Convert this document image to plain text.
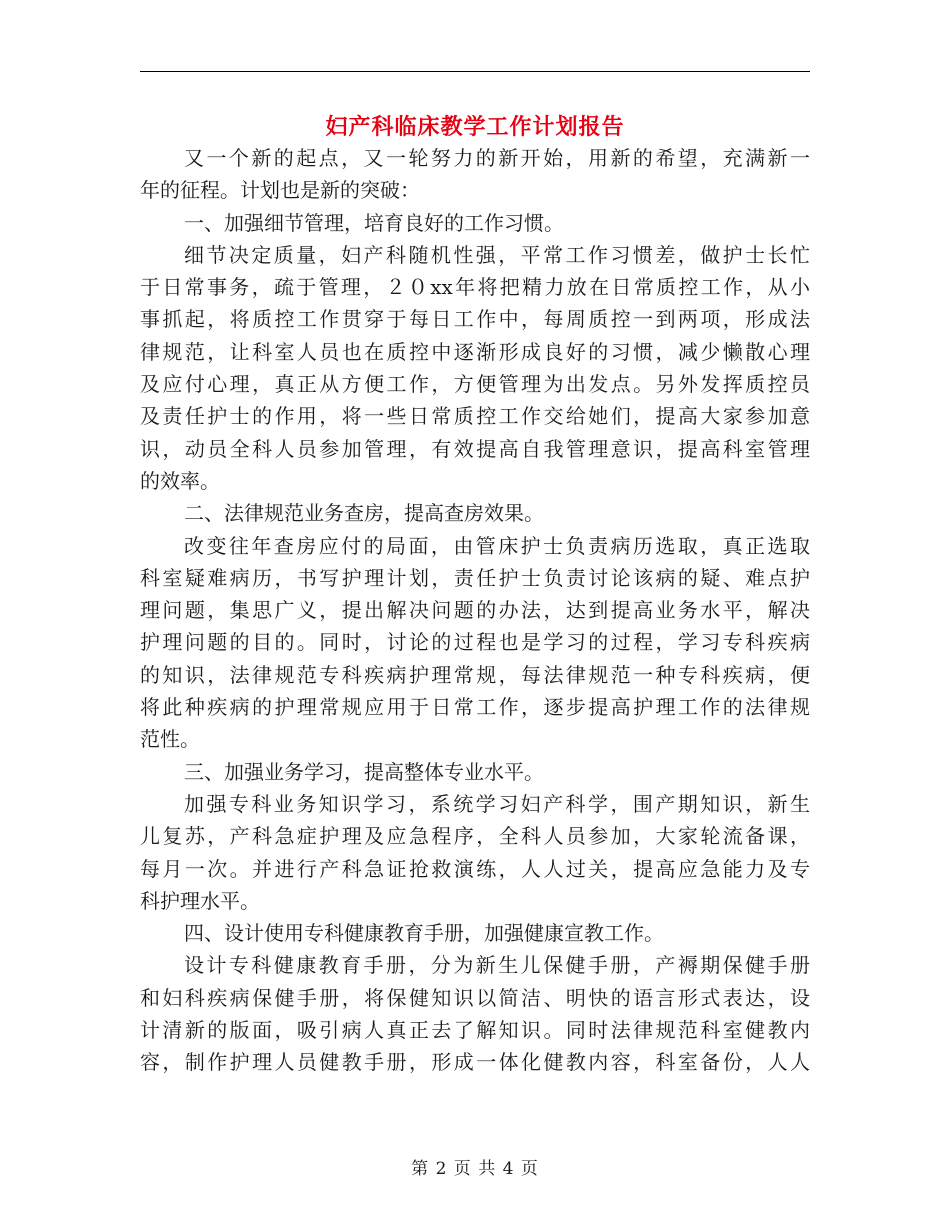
妇产科临床教学工作计划报告
又一个新的起点，又一轮努力的新开始，用新的希望，充满新一
年的征程。计划也是新的突破：
一、加强细节管理，培育良好的工作习惯。
细节决定质量，妇产科随机性强，平常工作习惯差，做护士长忙
于日常事务，疏于管理，２０xx年将把精力放在日常质控工作，从小
事抓起，将质控工作贯穿于每日工作中，每周质控一到两项，形成法
律规范，让科室人员也在质控中逐渐形成良好的习惯，减少懒散心理
及应付心理，真正从方便工作，方便管理为出发点。另外发挥质控员
及责任护士的作用，将一些日常质控工作交给她们，提高大家参加意
识，动员全科人员参加管理，有效提高自我管理意识，提高科室管理
的效率。
二、法律规范业务查房，提高查房效果。
改变往年查房应付的局面，由管床护士负责病历选取，真正选取
科室疑难病历，书写护理计划，责任护士负责讨论该病的疑、难点护
理问题，集思广义，提出解决问题的办法，达到提高业务水平，解决
护理问题的目的。同时，讨论的过程也是学习的过程，学习专科疾病
的知识，法律规范专科疾病护理常规，每法律规范一种专科疾病，便
将此种疾病的护理常规应用于日常工作，逐步提高护理工作的法律规
范性。
三、加强业务学习，提高整体专业水平。
加强专科业务知识学习，系统学习妇产科学，围产期知识，新生
儿复苏，产科急症护理及应急程序，全科人员参加，大家轮流备课，
每月一次。并进行产科急证抢救演练，人人过关，提高应急能力及专
科护理水平。
四、设计使用专科健康教育手册，加强健康宣教工作。
设计专科健康教育手册，分为新生儿保健手册，产褥期保健手册
和妇科疾病保健手册，将保健知识以简洁、明快的语言形式表达，设
计清新的版面，吸引病人真正去了解知识。同时法律规范科室健教内
容，制作护理人员健教手册，形成一体化健教内容，科室备份，人人
第 2 页 共 4 页
